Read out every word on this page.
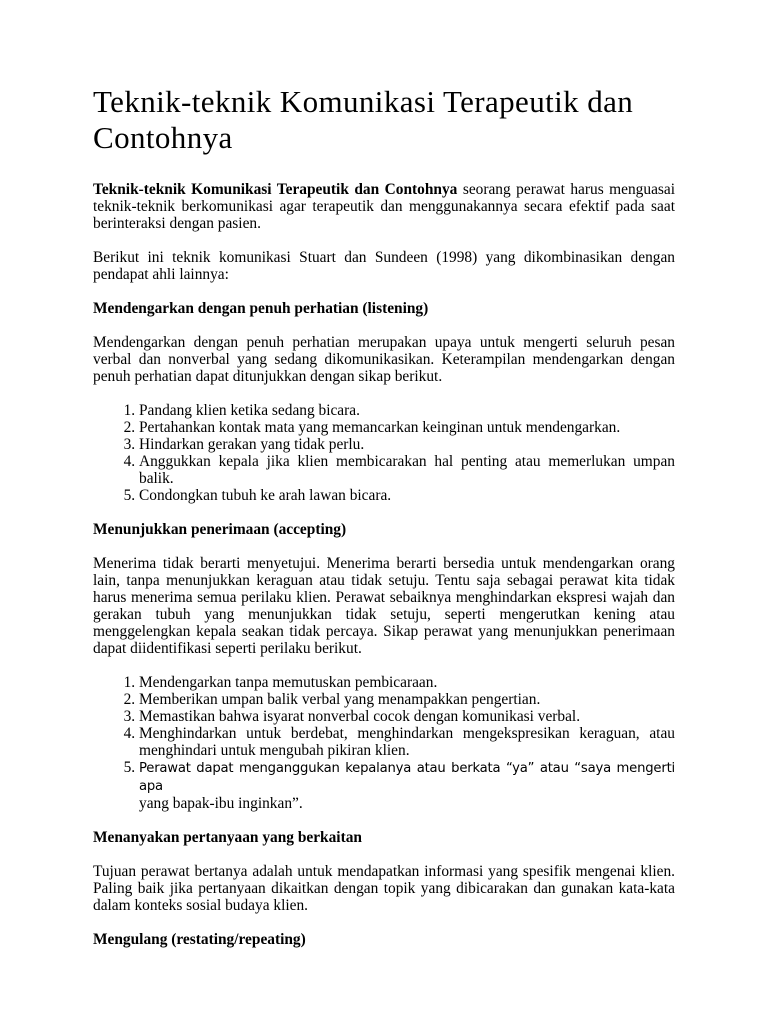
Teknik-teknik Komunikasi Terapeutik dan Contohnya

Teknik-teknik Komunikasi Terapeutik dan Contohnya seorang perawat harus menguasai teknik-teknik berkomunikasi agar terapeutik dan menggunakannya secara efektif pada saat berinteraksi dengan pasien.

Berikut ini teknik komunikasi Stuart dan Sundeen (1998) yang dikombinasikan dengan pendapat ahli lainnya:

Mendengarkan dengan penuh perhatian (listening)

Mendengarkan dengan penuh perhatian merupakan upaya untuk mengerti seluruh pesan verbal dan nonverbal yang sedang dikomunikasikan. Keterampilan mendengarkan dengan penuh perhatian dapat ditunjukkan dengan sikap berikut.

1. Pandang klien ketika sedang bicara.
2. Pertahankan kontak mata yang memancarkan keinginan untuk mendengarkan.
3. Hindarkan gerakan yang tidak perlu.
4. Anggukkan kepala jika klien membicarakan hal penting atau memerlukan umpan balik.
5. Condongkan tubuh ke arah lawan bicara.

Menunjukkan penerimaan (accepting)

Menerima tidak berarti menyetujui. Menerima berarti bersedia untuk mendengarkan orang lain, tanpa menunjukkan keraguan atau tidak setuju. Tentu saja sebagai perawat kita tidak harus menerima semua perilaku klien. Perawat sebaiknya menghindarkan ekspresi wajah dan gerakan tubuh yang menunjukkan tidak setuju, seperti mengerutkan kening atau menggelengkan kepala seakan tidak percaya. Sikap perawat yang menunjukkan penerimaan dapat diidentifikasi seperti perilaku berikut.

1. Mendengarkan tanpa memutuskan pembicaraan.
2. Memberikan umpan balik verbal yang menampakkan pengertian.
3. Memastikan bahwa isyarat nonverbal cocok dengan komunikasi verbal.
4. Menghindarkan untuk berdebat, menghindarkan mengekspresikan keraguan, atau menghindari untuk mengubah pikiran klien.
5. Perawat dapat menganggukan kepalanya atau berkata “ya” atau “saya mengerti apa
yang bapak-ibu inginkan”.

Menanyakan pertanyaan yang berkaitan

Tujuan perawat bertanya adalah untuk mendapatkan informasi yang spesifik mengenai klien. Paling baik jika pertanyaan dikaitkan dengan topik yang dibicarakan dan gunakan kata-kata dalam konteks sosial budaya klien.

Mengulang (restating/repeating)
